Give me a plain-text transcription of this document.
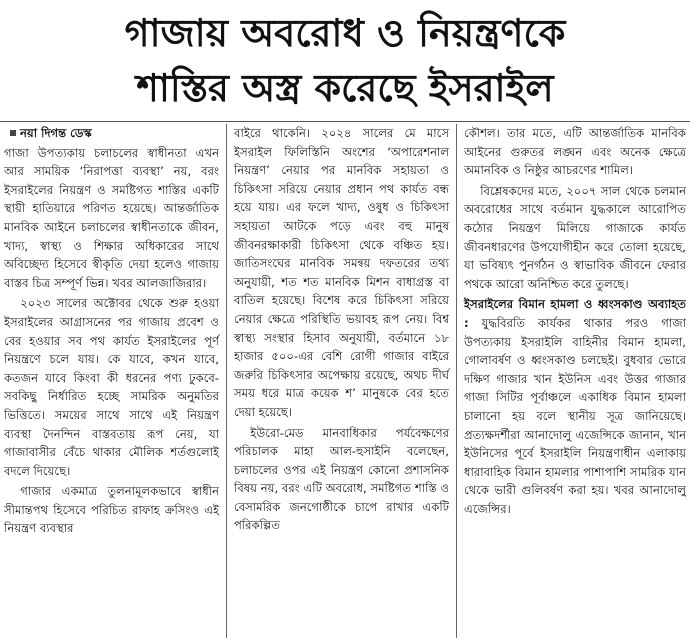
গাজায় অবরোধ ও নিয়ন্ত্রণকে
শাস্তির অস্ত্র করেছে ইসরাইল
নয়া দিগন্ত ডেস্ক

গাজা উপত্যকায় চলাচলের স্বাধীনতা এখন আর সাময়িক ‘নিরাপত্তা ব্যবস্থা’ নয়, বরং ইসরাইলের নিয়ন্ত্রণ ও সমষ্টিগত শাস্তির একটি স্থায়ী হাতিয়ারে পরিণত হয়েছে। আন্তর্জাতিক মানবিক আইনে চলাচলের স্বাধীনতাকে জীবন, খাদ্য, স্বাস্থ্য ও শিক্ষার অধিকারের সাথে অবিচ্ছেদ্য হিসেবে স্বীকৃতি দেয়া হলেও গাজায় বাস্তব চিত্র সম্পূর্ণ ভিন্ন। খবর আলজাজিরার।

২০২৩ সালের অক্টোবর থেকে শুরু হওয়া ইসরাইলের আগ্রাসনের পর গাজায় প্রবেশ ও বের হওয়ার সব পথ কার্যত ইসরাইলের পূর্ণ নিয়ন্ত্রণে চলে যায়। কে যাবে, কখন যাবে, কতজন যাবে কিংবা কী ধরনের পণ্য ঢুকবে- সবকিছু নির্ধারিত হচ্ছে সামরিক অনুমতির ভিত্তিতে। সময়ের সাথে সাথে এই নিয়ন্ত্রণ ব্যবস্থা দৈনন্দিন বাস্তবতায় রূপ নেয়, যা গাজাবাসীর বেঁচে থাকার মৌলিক শর্তগুলোই বদলে দিয়েছে।

গাজার একমাত্র তুলনামূলকভাবে স্বাধীন সীমান্তপথ হিসেবে পরিচিত রাফাহ ক্রসিংও এই নিয়ন্ত্রণ ব্যবস্থার

বাইরে থাকেনি। ২০২৪ সালের মে মাসে ইসরাইল ফিলিস্তিনি অংশের ‘অপারেশনাল নিয়ন্ত্রণ’ নেয়ার পর মানবিক সহায়তা ও চিকিৎসা সরিয়ে নেয়ার প্রধান পথ কার্যত বন্ধ হয়ে যায়। এর ফলে খাদ্য, ওষুধ ও চিকিৎসা সহায়তা আটকে পড়ে এবং বহু মানুষ জীবনরক্ষাকারী চিকিৎসা থেকে বঞ্চিত হয়। জাতিসংঘের মানবিক সমন্বয় দফতরের তথ্য অনুযায়ী, শত শত মানবিক মিশন বাধাগ্রস্ত বা বাতিল হয়েছে। বিশেষ করে চিকিৎসা সরিয়ে নেয়ার ক্ষেত্রে পরিস্থিতি ভয়াবহ রূপ নেয়। বিশ্ব স্বাস্থ্য সংস্থার হিসাব অনুযায়ী, বর্তমানে ১৮ হাজার ৫০০-এর বেশি রোগী গাজার বাইরে জরুরি চিকিৎসার অপেক্ষায় রয়েছে, অথচ দীর্ঘ সময় ধরে মাত্র কয়েক শ’ মানুষকে বের হতে দেয়া হয়েছে।

ইউরো-মেড মানবাধিকার পর্যবেক্ষণের পরিচালক মাহা আল-হুসাইনি বলেছেন, চলাচলের ওপর এই নিয়ন্ত্রণ কোনো প্রশাসনিক বিষয় নয়, বরং এটি অবরোধ, সমষ্টিগত শাস্তি ও বেসামরিক জনগোষ্ঠীকে চাপে রাখার একটি পরিকল্পিত

কৌশল। তার মতে, এটি আন্তর্জাতিক মানবিক আইনের গুরুতর লঙ্ঘন এবং অনেক ক্ষেত্রে অমানবিক ও নিষ্ঠুর আচরণের শামিল।

বিশ্লেষকদের মতে, ২০০৭ সাল থেকে চলমান অবরোধের সাথে বর্তমান যুদ্ধকালে আরোপিত কঠোর নিয়ন্ত্রণ মিলিয়ে গাজাকে কার্যত জীবনধারণের উপযোগীহীন করে তোলা হয়েছে, যা ভবিষ্যৎ পুনর্গঠন ও স্বাভাবিক জীবনে ফেরার পথকে আরো অনিশ্চিত করে তুলছে।

ইসরাইলের বিমান হামলা ও ধ্বংসকাণ্ড অব্যাহত : যুদ্ধবিরতি কার্যকর থাকার পরও গাজা উপত্যকায় ইসরাইলি বাহিনীর বিমান হামলা, গোলাবর্ষণ ও ধ্বংসকাণ্ড চলছেই। বুধবার ভোরে দক্ষিণ গাজার খান ইউনিস এবং উত্তর গাজার গাজা সিটির পূর্বাঞ্চলে একাধিক বিমান হামলা চালানো হয় বলে স্থানীয় সূত্র জানিয়েছে। প্রত্যক্ষদর্শীরা আনাদোলু এজেন্সিকে জানান, খান ইউনিসের পূর্বে ইসরাইলি নিয়ন্ত্রণাধীন এলাকায় ধারাবাহিক বিমান হামলার পাশাপাশি সামরিক যান থেকে ভারী গুলিবর্ষণ করা হয়। খবর আনাদোলু এজেন্সির।
